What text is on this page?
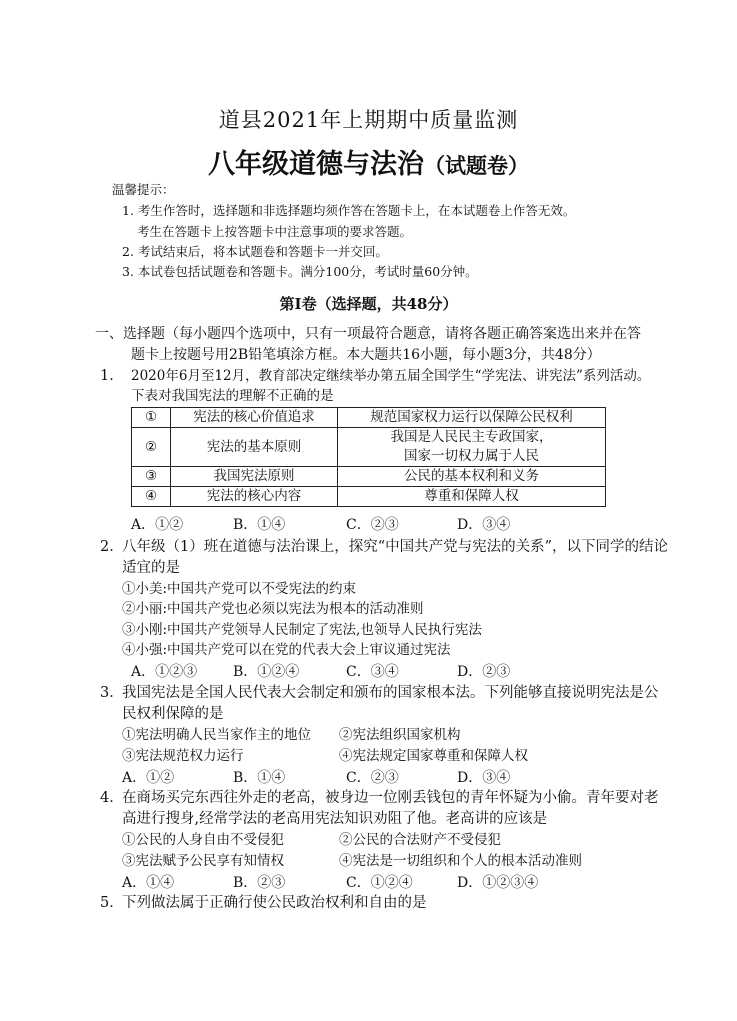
道县2021年上期期中质量监测
八年级道德与法治（试题卷）
温馨提示：
1. 考生作答时，选择题和非选择题均须作答在答题卡上，在本试题卷上作答无效。
考生在答题卡上按答题卡中注意事项的要求答题。
2. 考试结束后，将本试题卷和答题卡一并交回。
3. 本试卷包括试题卷和答题卡。满分100分，考试时量60分钟。
第Ⅰ卷（选择题，共48分）
一、选择题（每小题四个选项中，只有一项最符合题意，请将各题正确答案选出来并在答
题卡上按题号用2B铅笔填涂方框。本大题共16小题，每小题3分，共48分）
1． 2020年6月至12月，教育部决定继续举办第五届全国学生“学宪法、讲宪法”系列活动。
下表对我国宪法的理解不正确的是
①	宪法的核心价值追求	规范国家权力运行以保障公民权利
②	宪法的基本原则	我国是人民民主专政国家，
国家一切权力属于人民

③	我国宪法原则	公民的基本权利和义务
④	宪法的核心内容	尊重和保障人权
A．①②	B．①④	C．②③	D．③④
2．
八年级（1）班在道德与法治课上，探究“中国共产党与宪法的关系”，以下同学的结论
适宜的是
①小美:中国共产党可以不受宪法的约束
②小丽:中国共产党也必须以宪法为根本的活动准则
③小刚:中国共产党领导人民制定了宪法,也领导人民执行宪法
④小强:中国共产党可以在党的代表大会上审议通过宪法
A．①②③	B．①②④	C．③④	D．②③
3．
我国宪法是全国人民代表大会制定和颁布的国家根本法。下列能够直接说明宪法是公
民权利保障的是
①宪法明确人民当家作主的地位 ②宪法组织国家机构
③宪法规范权力运行	④宪法规定国家尊重和保障人权
A．①②	B．①④	C．②③	D．③④
4．
在商场买完东西往外走的老高，被身边一位刚丢钱包的青年怀疑为小偷。青年要对老
高进行搜身,经常学法的老高用宪法知识劝阻了他。老高讲的应该是
①公民的人身自由不受侵犯	②公民的合法财产不受侵犯
③宪法赋予公民享有知情权	④宪法是一切组织和个人的根本活动准则
A．①④	B．②③	C．①②④	D．①②③④
5．
下列做法属于正确行使公民政治权利和自由的是
